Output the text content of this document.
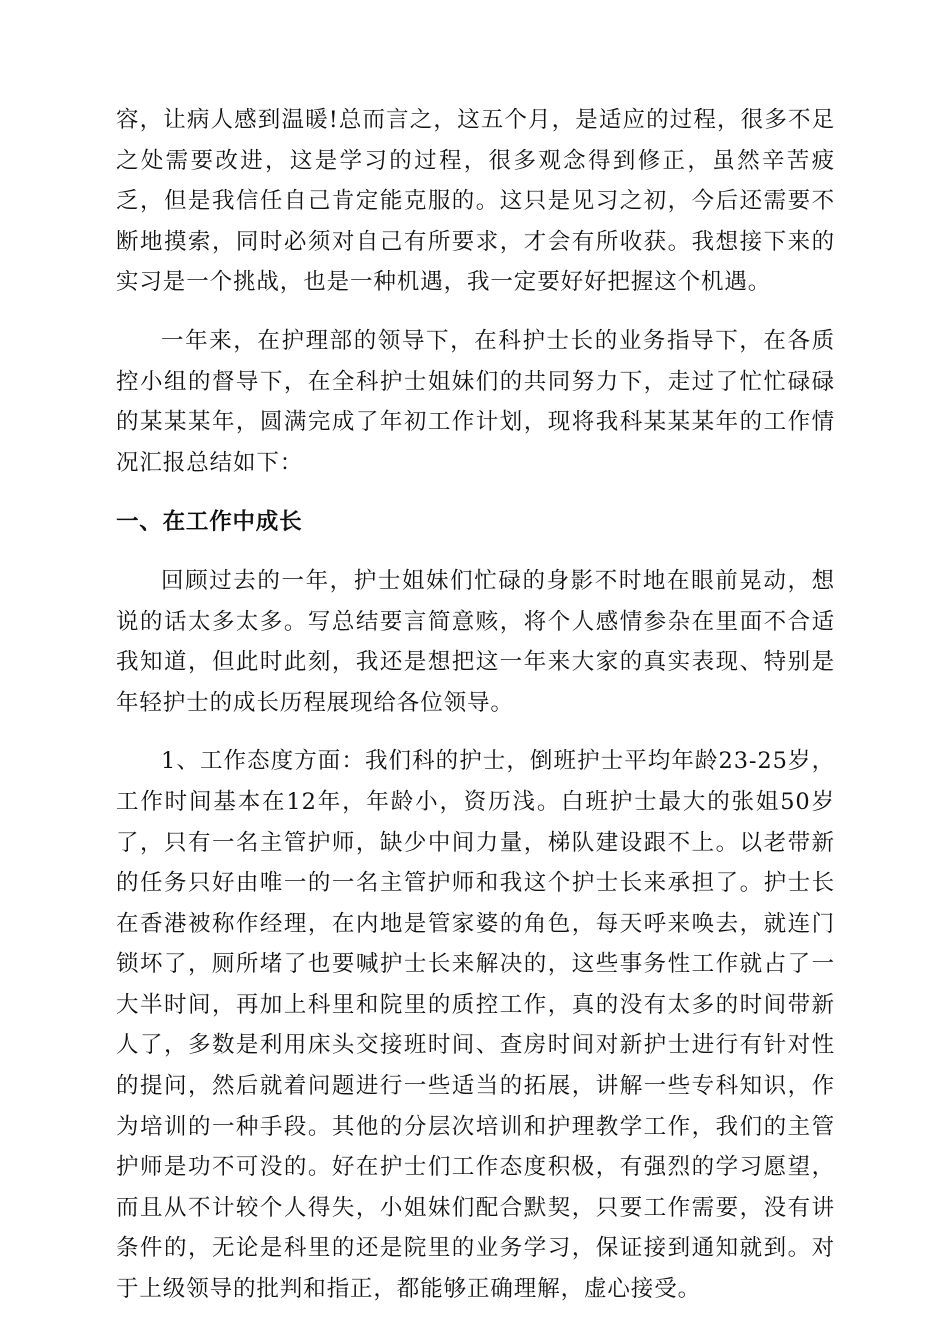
容，让病人感到温暖!总而言之，这五个月，是适应的过程，很多不足之处需要改进，这是学习的过程，很多观念得到修正，虽然辛苦疲乏，但是我信任自己肯定能克服的。这只是见习之初，今后还需要不断地摸索，同时必须对自己有所要求，才会有所收获。我想接下来的实习是一个挑战，也是一种机遇，我一定要好好把握这个机遇。

一年来，在护理部的领导下，在科护士长的业务指导下，在各质控小组的督导下，在全科护士姐妹们的共同努力下，走过了忙忙碌碌的某某某年，圆满完成了年初工作计划，现将我科某某某年的工作情况汇报总结如下：

一、在工作中成长

回顾过去的一年，护士姐妹们忙碌的身影不时地在眼前晃动，想说的话太多太多。写总结要言简意赅，将个人感情参杂在里面不合适我知道，但此时此刻，我还是想把这一年来大家的真实表现、特别是年轻护士的成长历程展现给各位领导。

1、工作态度方面：我们科的护士，倒班护士平均年龄23-25岁，工作时间基本在12年，年龄小，资历浅。白班护士最大的张姐50岁了，只有一名主管护师，缺少中间力量，梯队建设跟不上。以老带新的任务只好由唯一的一名主管护师和我这个护士长来承担了。护士长在香港被称作经理，在内地是管家婆的角色，每天呼来唤去，就连门锁坏了，厕所堵了也要喊护士长来解决的，这些事务性工作就占了一大半时间，再加上科里和院里的质控工作，真的没有太多的时间带新人了，多数是利用床头交接班时间、查房时间对新护士进行有针对性的提问，然后就着问题进行一些适当的拓展，讲解一些专科知识，作为培训的一种手段。其他的分层次培训和护理教学工作，我们的主管护师是功不可没的。好在护士们工作态度积极，有强烈的学习愿望，而且从不计较个人得失，小姐妹们配合默契，只要工作需要，没有讲条件的，无论是科里的还是院里的业务学习，保证接到通知就到。对于上级领导的批判和指正，都能够正确理解，虚心接受。
